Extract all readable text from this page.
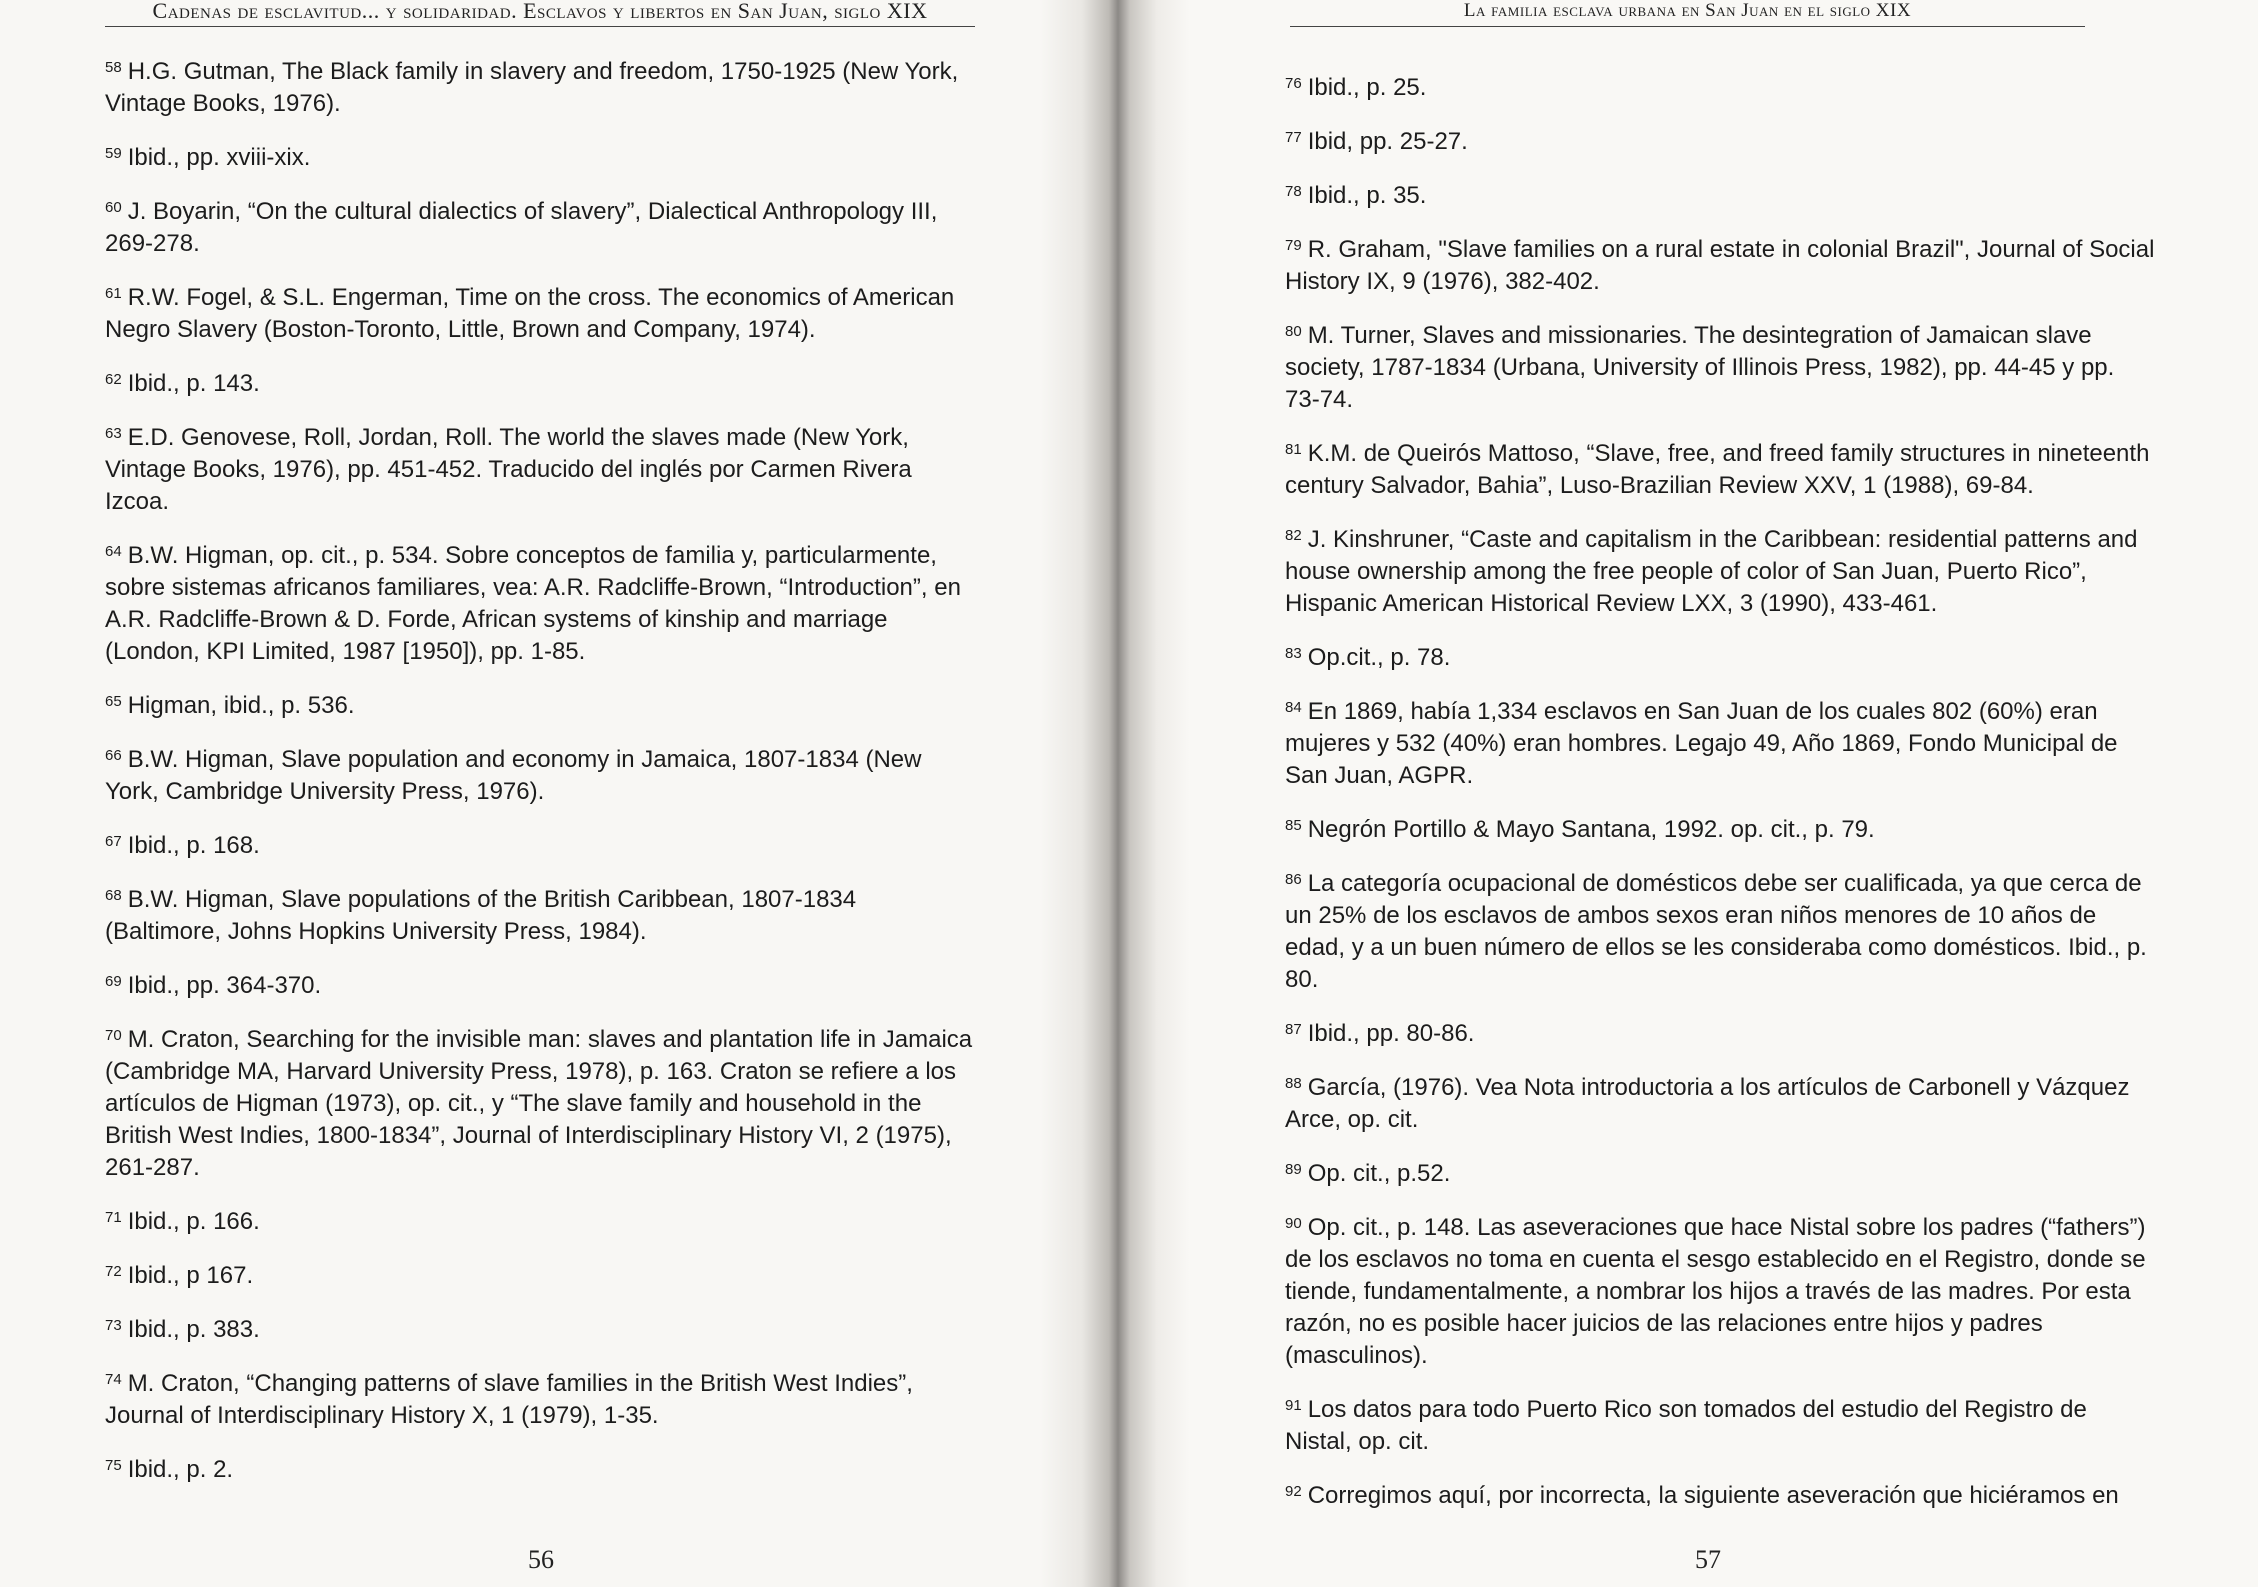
Cadenas de esclavitud... y solidaridad. Esclavos y libertos en San Juan, siglo XIX	La familia esclava urbana en San Juan en el siglo XIX
$^{58}$ H.G. Gutman, The Black family in slavery and freedom, 1750-1925 (New York, Vintage Books, 1976).
$^{59}$ Ibid., pp. xviii-xix.
$^{60}$ J. Boyarin, “On the cultural dialectics of slavery”, Dialectical Anthropology III, 269-278.
$^{61}$ R.W. Fogel, & S.L. Engerman, Time on the cross. The economics of American Negro Slavery (Boston-Toronto, Little, Brown and Company, 1974).
$^{62}$ Ibid., p. 143.
$^{63}$ E.D. Genovese, Roll, Jordan, Roll. The world the slaves made (New York, Vintage Books, 1976), pp. 451-452. Traducido del inglés por Carmen Rivera Izcoa.
$^{64}$ B.W. Higman, op. cit., p. 534. Sobre conceptos de familia y, particularmente, sobre sistemas africanos familiares, vea: A.R. Radcliffe-Brown, “Introduction”, en A.R. Radcliffe-Brown & D. Forde, African systems of kinship and marriage (London, KPI Limited, 1987 [1950]), pp. 1-85.
$^{65}$ Higman, ibid., p. 536.
$^{66}$ B.W. Higman, Slave population and economy in Jamaica, 1807-1834 (New York, Cambridge University Press, 1976).
$^{67}$ Ibid., p. 168.
$^{68}$ B.W. Higman, Slave populations of the British Caribbean, 1807-1834 (Baltimore, Johns Hopkins University Press, 1984).
$^{69}$ Ibid., pp. 364-370.
$^{70}$ M. Craton, Searching for the invisible man: slaves and plantation life in Jamaica (Cambridge MA, Harvard University Press, 1978), p. 163. Craton se refiere a los artículos de Higman (1973), op. cit., y “The slave family and household in the British West Indies, 1800-1834”, Journal of Interdisciplinary History VI, 2 (1975), 261-287.
$^{71}$ Ibid., p. 166.
$^{72}$ Ibid., p 167.
$^{73}$ Ibid., p. 383.
$^{74}$ M. Craton, “Changing patterns of slave families in the British West Indies”, Journal of Interdisciplinary History X, 1 (1979), 1-35.
$^{75}$ Ibid., p. 2.
$^{76}$ Ibid., p. 25.
$^{77}$ Ibid, pp. 25-27.
$^{78}$ Ibid., p. 35.
$^{79}$ R. Graham, "Slave families on a rural estate in colonial Brazil", Journal of Social History IX, 9 (1976), 382-402.
$^{80}$ M. Turner, Slaves and missionaries. The desintegration of Jamaican slave society, 1787-1834 (Urbana, University of Illinois Press, 1982), pp. 44-45 y pp. 73-74.
$^{81}$ K.M. de Queirós Mattoso, “Slave, free, and freed family structures in nineteenth century Salvador, Bahia”, Luso-Brazilian Review XXV, 1 (1988), 69-84.
$^{82}$ J. Kinshruner, “Caste and capitalism in the Caribbean: residential patterns and house ownership among the free people of color of San Juan, Puerto Rico”, Hispanic American Historical Review LXX, 3 (1990), 433-461.
$^{83}$ Op.cit., p. 78.
$^{84}$ En 1869, había 1,334 esclavos en San Juan de los cuales 802 (60%) eran mujeres y 532 (40%) eran hombres. Legajo 49, Año 1869, Fondo Municipal de San Juan, AGPR.
$^{85}$ Negrón Portillo & Mayo Santana, 1992. op. cit., p. 79.
$^{86}$ La categoría ocupacional de domésticos debe ser cualificada, ya que cerca de un 25% de los esclavos de ambos sexos eran niños menores de 10 años de edad, y a un buen número de ellos se les consideraba como domésticos. Ibid., p. 80.
$^{87}$ Ibid., pp. 80-86.
$^{88}$ García, (1976). Vea Nota introductoria a los artículos de Carbonell y Vázquez Arce, op. cit.
$^{89}$ Op. cit., p.52.
$^{90}$ Op. cit., p. 148. Las aseveraciones que hace Nistal sobre los padres (“fathers”) de los esclavos no toma en cuenta el sesgo establecido en el Registro, donde se tiende, fundamentalmente, a nombrar los hijos a través de las madres. Por esta razón, no es posible hacer juicios de las relaciones entre hijos y padres (masculinos).
$^{91}$ Los datos para todo Puerto Rico son tomados del estudio del Registro de Nistal, op. cit.
$^{92}$ Corregimos aquí, por incorrecta, la siguiente aseveración que hiciéramos en
56	57
